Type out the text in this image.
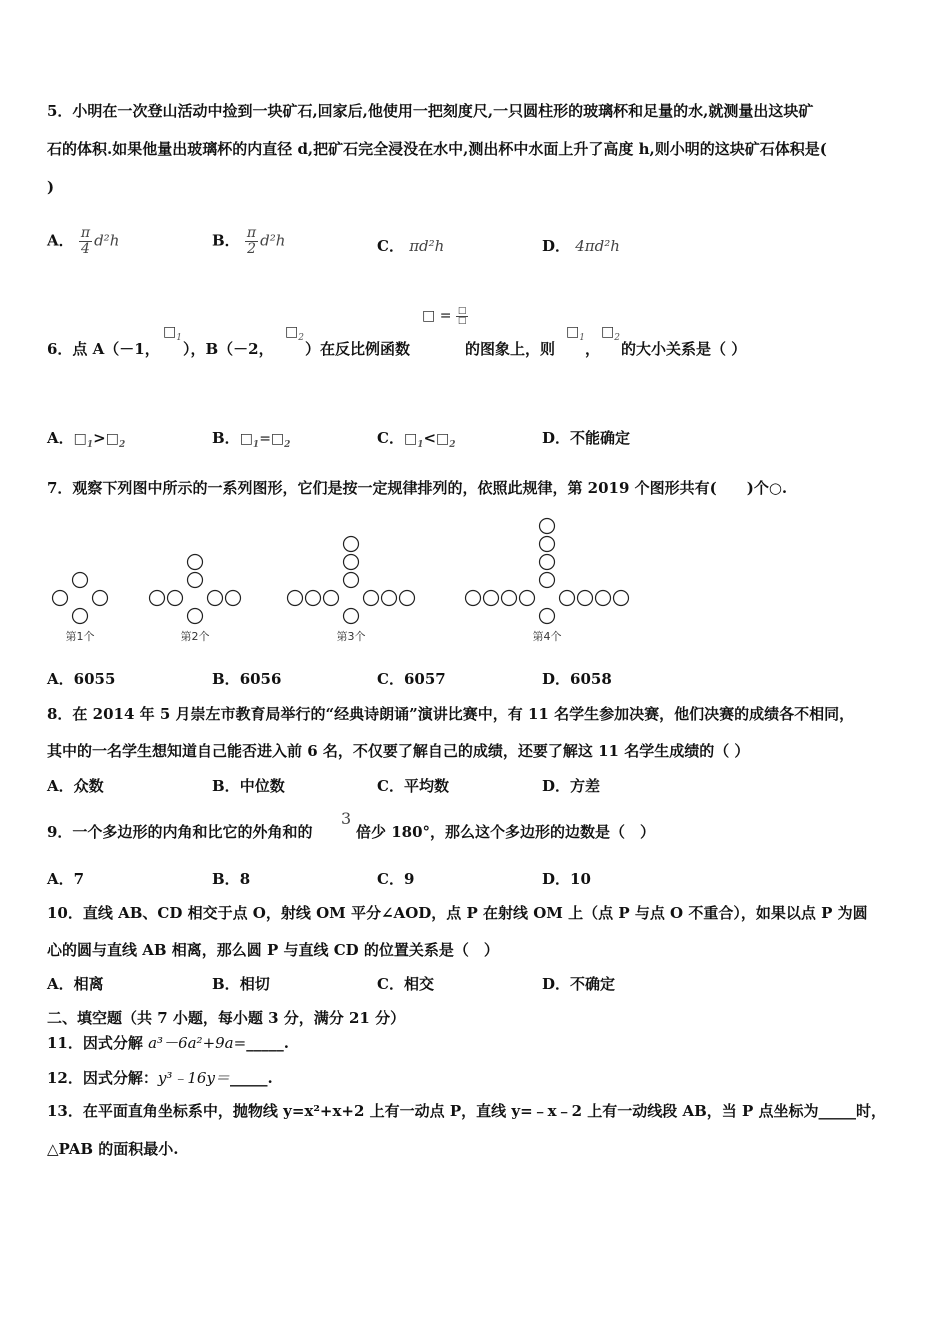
5．小明在一次登山活动中捡到一块矿石,回家后,他使用一把刻度尺,一只圆柱形的玻璃杯和足量的水,就测量出这块矿
石的体积.如果他量出玻璃杯的内直径 d,把矿石完全浸没在水中,测出杯中水面上升了高度 h,则小明的这块矿石体积是(
)
A． $\frac{\pi}{4} d^2h$	B． $\frac{\pi}{2} d^2h$	C． πd²h	D． 4πd²h
□ = $\frac{□}{□}$
$□_1$	$□_2$	$□_1$ $□_2$
6．点 A（－1， ），B（－2， ）在反比例函数	的图象上，则 ， 的大小关系是（ ）
A．$□_1>□_2$	B．$□_1=□_2$	C．$□_1<□_2$	D．不能确定
7．观察下列图中所示的一系列图形，它们是按一定规律排列的，依照此规律，第 2019 个图形共有(　　)个○.
第1个	第2个	第3个	第4个
A．6055	B．6056	C．6057	D．6058
8．在 2014 年 5 月崇左市教育局举行的“经典诗朗诵”演讲比赛中，有 11 名学生参加决赛，他们决赛的成绩各不相同，
其中的一名学生想知道自己能否进入前 6 名，不仅要了解自己的成绩，还要了解这 11 名学生成绩的（ ）
A．众数	B．中位数	C．平均数	D．方差
9．一个多边形的内角和比它的外角和的
3
倍少 180°，那么这个多边形的边数是（　）
A．7	B．8	C．9	D．10
10．直线 AB、CD 相交于点 O，射线 OM 平分∠AOD，点 P 在射线 OM 上（点 P 与点 O 不重合），如果以点 P 为圆
心的圆与直线 AB 相离，那么圆 P 与直线 CD 的位置关系是（　）
A．相离	B．相切	C．相交	D．不确定
二、填空题（共 7 小题，每小题 3 分，满分 21 分）
11．因式分解 a³－6a²+9a=_____.
12．因式分解：y³﹣16y＝_____.
13．在平面直角坐标系中，抛物线 y=x²+x+2 上有一动点 P，直线 y=﹣x﹣2 上有一动线段 AB，当 P 点坐标为_____时，
△PAB 的面积最小.
